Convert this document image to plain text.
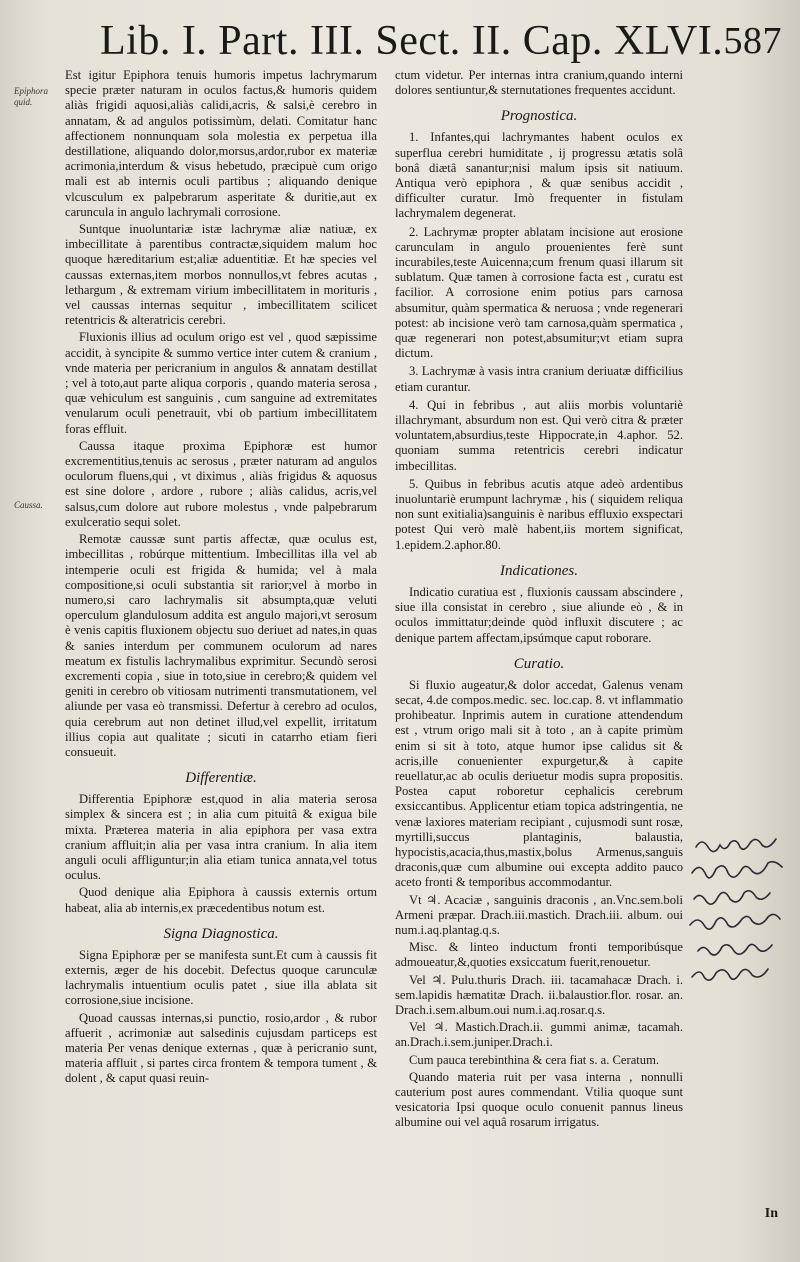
Lib. I. Part. III. Sect. II. Cap. XLVI. 587
Epiphora quid.
Caussa.

Est igitur Epiphora tenuis humoris impetus lachrymarum specie præter naturam in oculos factus,& humoris quidem aliàs frigidi aquosi,aliàs calidi,acris, & salsi,è cerebro in annatam, & ad angulos potissimùm, delati. Comitatur hanc affectionem nonnunquam sola molestia ex perpetua illa destillatione, aliquando dolor,morsus,ardor,rubor ex materiæ acrimonia,interdum & visus hebetudo, præcipuè cum origo mali est ab internis oculi partibus ; aliquando denique vlcusculum ex palpebrarum asperitate & duritie,aut ex caruncula in angulo lachrymali corrosione.

Suntque inuoluntariæ istæ lachrymæ aliæ natiuæ, ex imbecillitate à parentibus contractæ,siquidem malum hoc quoque hæreditarium est;aliæ aduentitiæ. Et hæ species vel caussas externas,item morbos nonnullos,vt febres acutas , lethargum , & extremam virium imbecillitatem in morituris , vel caussas internas sequitur , imbecillitatem scilicet retentricis & alteratricis cerebri.

Fluxionis illius ad oculum origo est vel , quod sæpissime accidit, à syncipite & summo vertice inter cutem & cranium , vnde materia per pericranium in angulos & annatam destillat ; vel à toto,aut parte aliqua corporis , quando materia serosa , quæ vehiculum est sanguinis , cum sanguine ad extremitates venularum oculi penetrauit, vbi ob partium imbecillitatem foras effluit.

Caussa itaque proxima Epiphoræ est humor excrementitius,tenuis ac serosus , præter naturam ad angulos oculorum fluens,qui , vt diximus , aliàs frigidus & aquosus est sine dolore , ardore , rubore ; aliàs calidus, acris,vel salsus,cum dolore aut rubore molestus , vnde palpebrarum exulceratio sequi solet.

Remotæ caussæ sunt partis affectæ, quæ oculus est, imbecillitas , robúrque mittentium. Imbecillitas illa vel ab intemperie oculi est frigida & humida; vel à mala compositione,si oculi substantia sit rarior;vel à morbo in numero,si caro lachrymalis sit absumpta,quæ veluti operculum glandulosum addita est angulo majori,vt serosum è venis capitis fluxionem objectu suo deriuet ad nates,in quas & sanies interdum per communem oculorum ad nares meatum ex fistulis lachrymalibus exprimitur. Secundò serosi excrementi copia , siue in toto,siue in cerebro;& quidem vel geniti in cerebro ob vitiosam nutrimenti transmutationem, vel aliunde per vasa eò transmissi. Defertur à cerebro ad oculos, quia cerebrum aut non detinet illud,vel expellit, irritatum illius copia aut qualitate ; sicuti in catarrho etiam fieri consueuit.

Differentiæ.

Differentia Epiphoræ est,quod in alia materia serosa simplex & sincera est ; in alia cum pituitâ & exigua bile mixta. Præterea materia in alia epiphora per vasa extra cranium affluit;in alia per vasa intra cranium. In alia item anguli oculi affliguntur;in alia etiam tunica annata,vel totus oculus.

Quod denique alia Epiphora à caussis externis ortum habeat, alia ab internis,ex præcedentibus notum est.

Signa Diagnostica.

Signa Epiphoræ per se manifesta sunt.Et cum à caussis fit externis, æger de his docebit. Defectus quoque carunculæ lachrymalis intuentium oculis patet , siue illa ablata sit corrosione,siue incisione.

Quoad caussas internas,si punctio, rosio,ardor , & rubor affuerit , acrimoniæ aut salsedinis cujusdam particeps est materia Per venas denique externas , quæ à pericranio sunt, materia affluit , si partes circa frontem & tempora tument , & dolent , & caput quasi reuin-

ctum videtur. Per internas intra cranium,quando interni dolores sentiuntur,& sternutationes frequentes accidunt.

Prognostica.
1. Infantes,qui lachrymantes habent oculos ex superflua cerebri humiditate , ij progressu ætatis solâ bonâ diætâ sanantur;nisi malum ipsis sit natiuum. Antiqua verò epiphora , & quæ senibus accidit , difficulter curatur. Imò frequenter in fistulam lachrymalem degenerat.
2. Lachrymæ propter ablatam incisione aut erosione carunculam in angulo prouenientes ferè sunt incurabiles,teste Auicenna;cum frenum quasi illarum sit sublatum. Quæ tamen à corrosione facta est , curatu est facilior. A corrosione enim potius pars carnosa absumitur, quàm spermatica & neruosa ; vnde regenerari potest: ab incisione verò tam carnosa,quàm spermatica , quæ regenerari non potest,absumitur;vt etiam supra dictum.
3. Lachrymæ à vasis intra cranium deriuatæ difficilius etiam curantur.
4. Qui in febribus , aut aliis morbis voluntariè illachrymant, absurdum non est. Qui verò citra & præter voluntatem,absurdius,teste Hippocrate,in 4.aphor. 52. quoniam summa retentricis cerebri indicatur imbecillitas.
5. Quibus in febribus acutis atque adeò ardentibus inuoluntariè erumpunt lachrymæ , his ( siquidem reliqua non sunt exitialia)sanguinis è naribus effluxio exspectari potest Qui verò malè habent,iis mortem significat, 1.epidem.2.aphor.80.
Indicationes.

Indicatio curatiua est , fluxionis caussam abscindere , siue illa consistat in cerebro , siue aliunde eò , & in oculos immittatur;deinde quòd influxit discutere ; ac denique partem affectam,ipsúmque caput roborare.

Curatio.

Si fluxio augeatur,& dolor accedat, Galenus venam secat, 4.de compos.medic. sec. loc.cap. 8. vt inflammatio prohibeatur. Inprimis autem in curatione attendendum est , vtrum origo mali sit à toto , an à capite primùm enim si sit à toto, atque humor ipse calidus sit & acris,ille conuenienter expurgetur,& à capite reuellatur,ac ab oculis deriuetur modis supra propositis. Postea caput roboretur cephalicis cerebrum exsiccantibus. Applicentur etiam topica adstringentia, ne venæ laxiores materiam recipiant , cujusmodi sunt rosæ, myrtilli,succus plantaginis, balaustia, hypocistis,acacia,thus,mastix,bolus Armenus,sanguis draconis,quæ cum albumine oui excepta addito pauco aceto fronti & temporibus accommodantur.

Vt ♃. Acaciæ , sanguinis draconis , an.Vnc.sem.boli Armeni præpar. Drach.iii.mastich. Drach.iii. album. oui num.i.aq.plantag.q.s.

Misc. & linteo inductum fronti temporibúsque admoueatur,&,quoties exsiccatum fuerit,renouetur.

Vel ♃. Pulu.thuris Drach. iii. tacamahacæ Drach. i. sem.lapidis hæmatitæ Drach. ii.balaustior.flor. rosar. an. Drach.i.sem.album.oui num.i.aq.rosar.q.s.

Vel ♃. Mastich.Drach.ii. gummi animæ, tacamah. an.Drach.i.sem.juniper.Drach.i.

Cum pauca terebinthina & cera fiat s. a. Ceratum.

Quando materia ruit per vasa interna , nonnulli cauterium post aures commendant. Vtilia quoque sunt vesicatoria Ipsi quoque oculo conuenit pannus lineus albumine oui vel aquâ rosarum irrigatus.

In
